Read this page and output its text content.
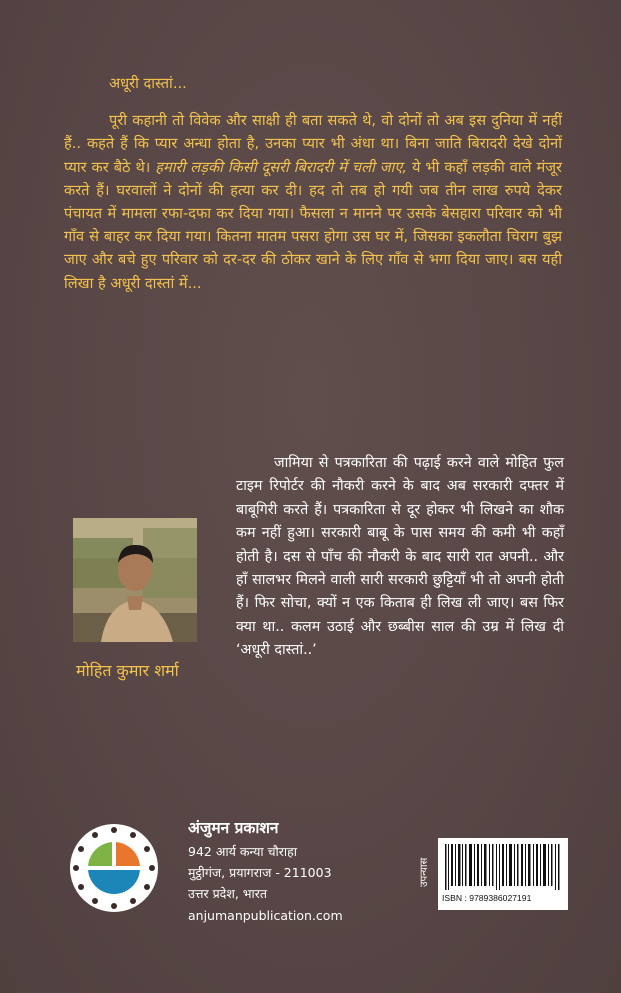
अधूरी दास्तां...

पूरी कहानी तो विवेक और साक्षी ही बता सकते थे, वो दोनों तो अब इस दुनिया में नहीं हैं.. कहते हैं कि प्यार अन्धा होता है, उनका प्यार भी अंधा था। बिना जाति बिरादरी देखे दोनों प्यार कर बैठे थे। हमारी लड़की किसी दूसरी बिरादरी में चली जाए, ये भी कहाँ लड़की वाले मंजूर करते हैं। घरवालों ने दोनों की हत्या कर दी। हद तो तब हो गयी जब तीन लाख रुपये देकर पंचायत में मामला रफा-दफा कर दिया गया। फैसला न मानने पर उसके बेसहारा परिवार को भी गाँव से बाहर कर दिया गया। कितना मातम पसरा होगा उस घर में, जिसका इकलौता चिराग बुझ जाए और बचे हुए परिवार को दर-दर की ठोकर खाने के लिए गाँव से भगा दिया जाए। बस यही लिखा है अधूरी दास्तां में...

मोहित कुमार शर्मा

जामिया से पत्रकारिता की पढ़ाई करने वाले मोहित फुल टाइम रिपोर्टर की नौकरी करने के बाद अब सरकारी दफ्तर में बाबूगिरी करते हैं। पत्रकारिता से दूर होकर भी लिखने का शौक कम नहीं हुआ। सरकारी बाबू के पास समय की कमी भी कहाँ होती है। दस से पाँच की नौकरी के बाद सारी रात अपनी.. और हाँ सालभर मिलने वाली सारी सरकारी छुट्टियाँ भी तो अपनी होती हैं। फिर सोचा, क्यों न एक किताब ही लिख ली जाए। बस फिर क्या था.. कलम उठाई और छब्बीस साल की उम्र में लिख दी ‘अधूरी दास्तां..’

अंजुमन प्रकाशन
942 आर्य कन्या चौराहा
मुट्ठीगंज, प्रयागराज - 211003
उत्तर प्रदेश, भारत
anjumanpublication.com
उपन्यास
ISBN : 9789386027191
